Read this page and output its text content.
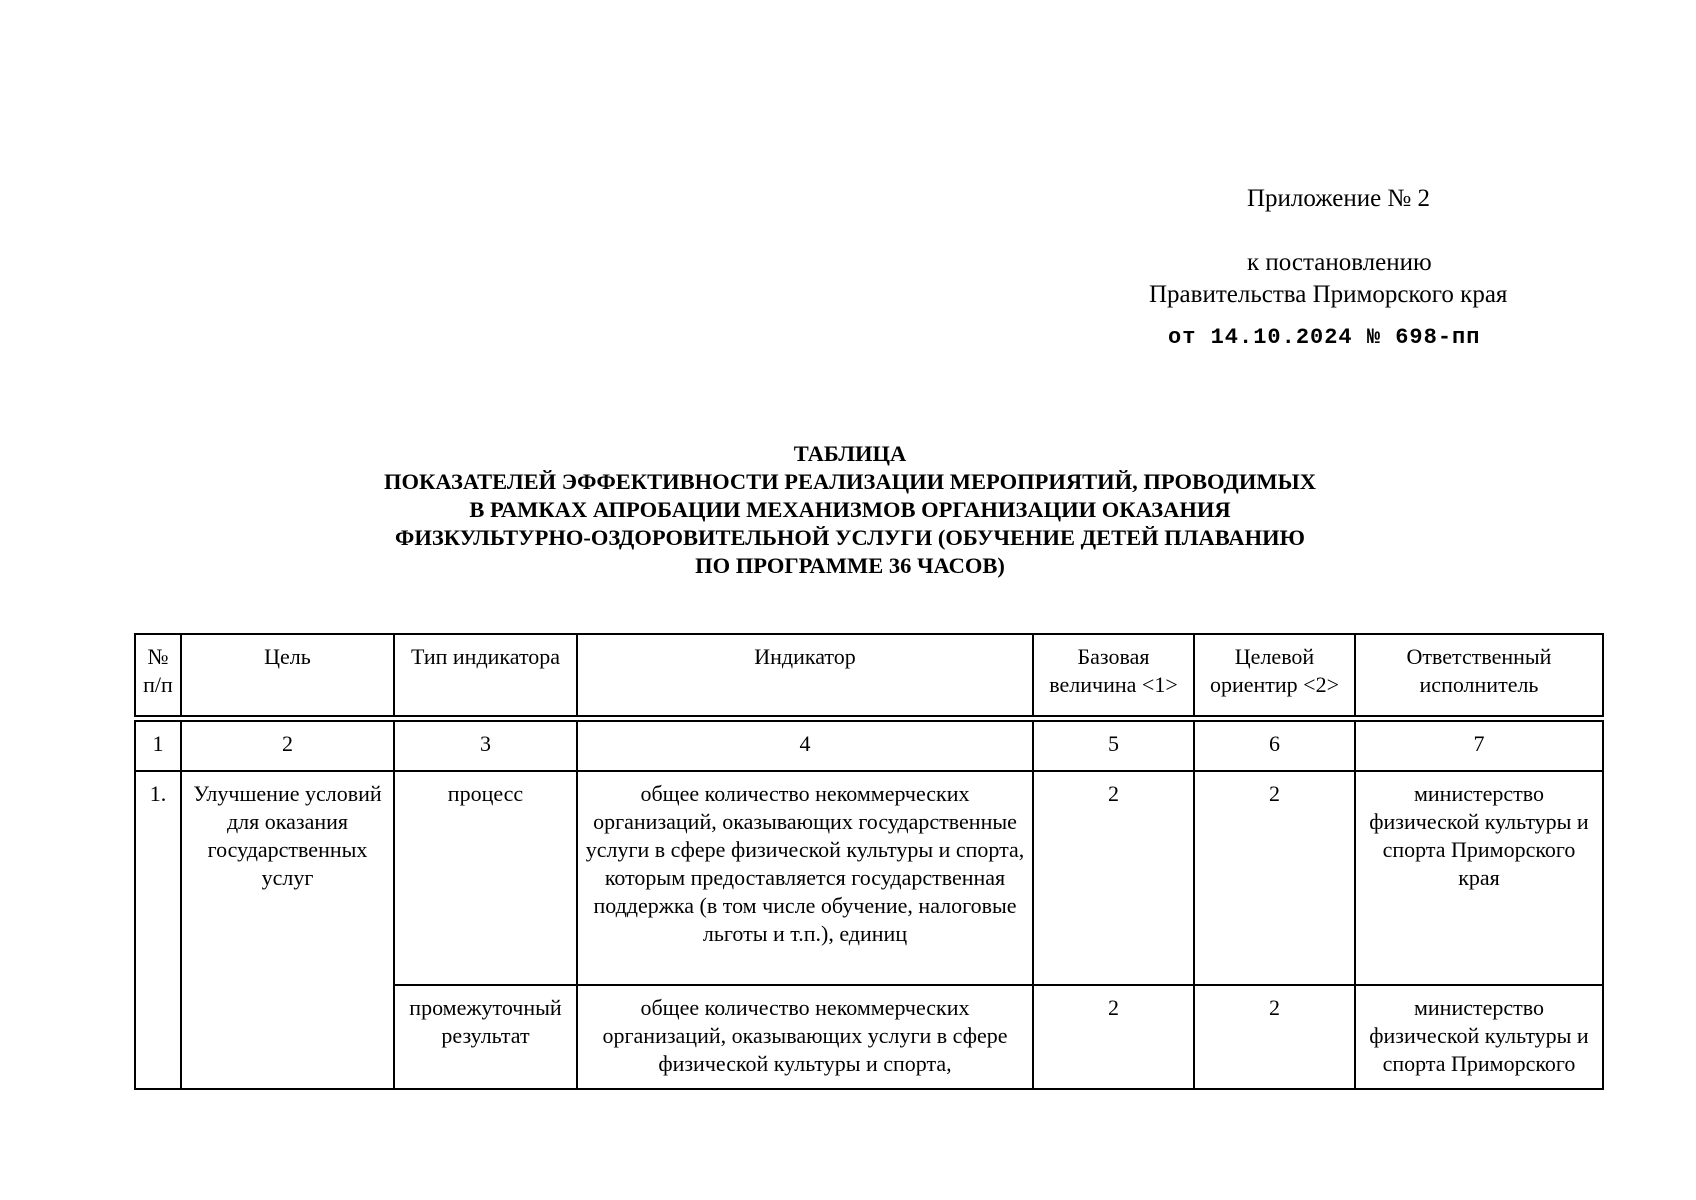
Приложение № 2
к постановлению
Правительства Приморского края
от 14.10.2024 № 698-пп
ТАБЛИЦА
ПОКАЗАТЕЛЕЙ ЭФФЕКТИВНОСТИ РЕАЛИЗАЦИИ МЕРОПРИЯТИЙ, ПРОВОДИМЫХ
В РАМКАХ АПРОБАЦИИ МЕХАНИЗМОВ ОРГАНИЗАЦИИ ОКАЗАНИЯ
ФИЗКУЛЬТУРНО-ОЗДОРОВИТЕЛЬНОЙ УСЛУГИ (ОБУЧЕНИЕ ДЕТЕЙ ПЛАВАНИЮ
ПО ПРОГРАММЕ 36 ЧАСОВ)
№ п/п	Цель	Тип индикатора	Индикатор	Базовая величина <1>	Целевой ориентир <2>	Ответственный исполнитель
1	2	3	4	5	6	7
1.	Улучшение условий для оказания государственных услуг	процесс	общее количество некоммерческих организаций, оказывающих государственные услуги в сфере физической культуры и спорта, которым предоставляется государственная поддержка (в том числе обучение, налоговые льготы и т.п.), единиц	2	2	министерство физической культуры и спорта Приморского края
		промежуточный результат	общее количество некоммерческих организаций, оказывающих услуги в сфере физической культуры и спорта,	2	2	министерство физической культуры и спорта Приморского
